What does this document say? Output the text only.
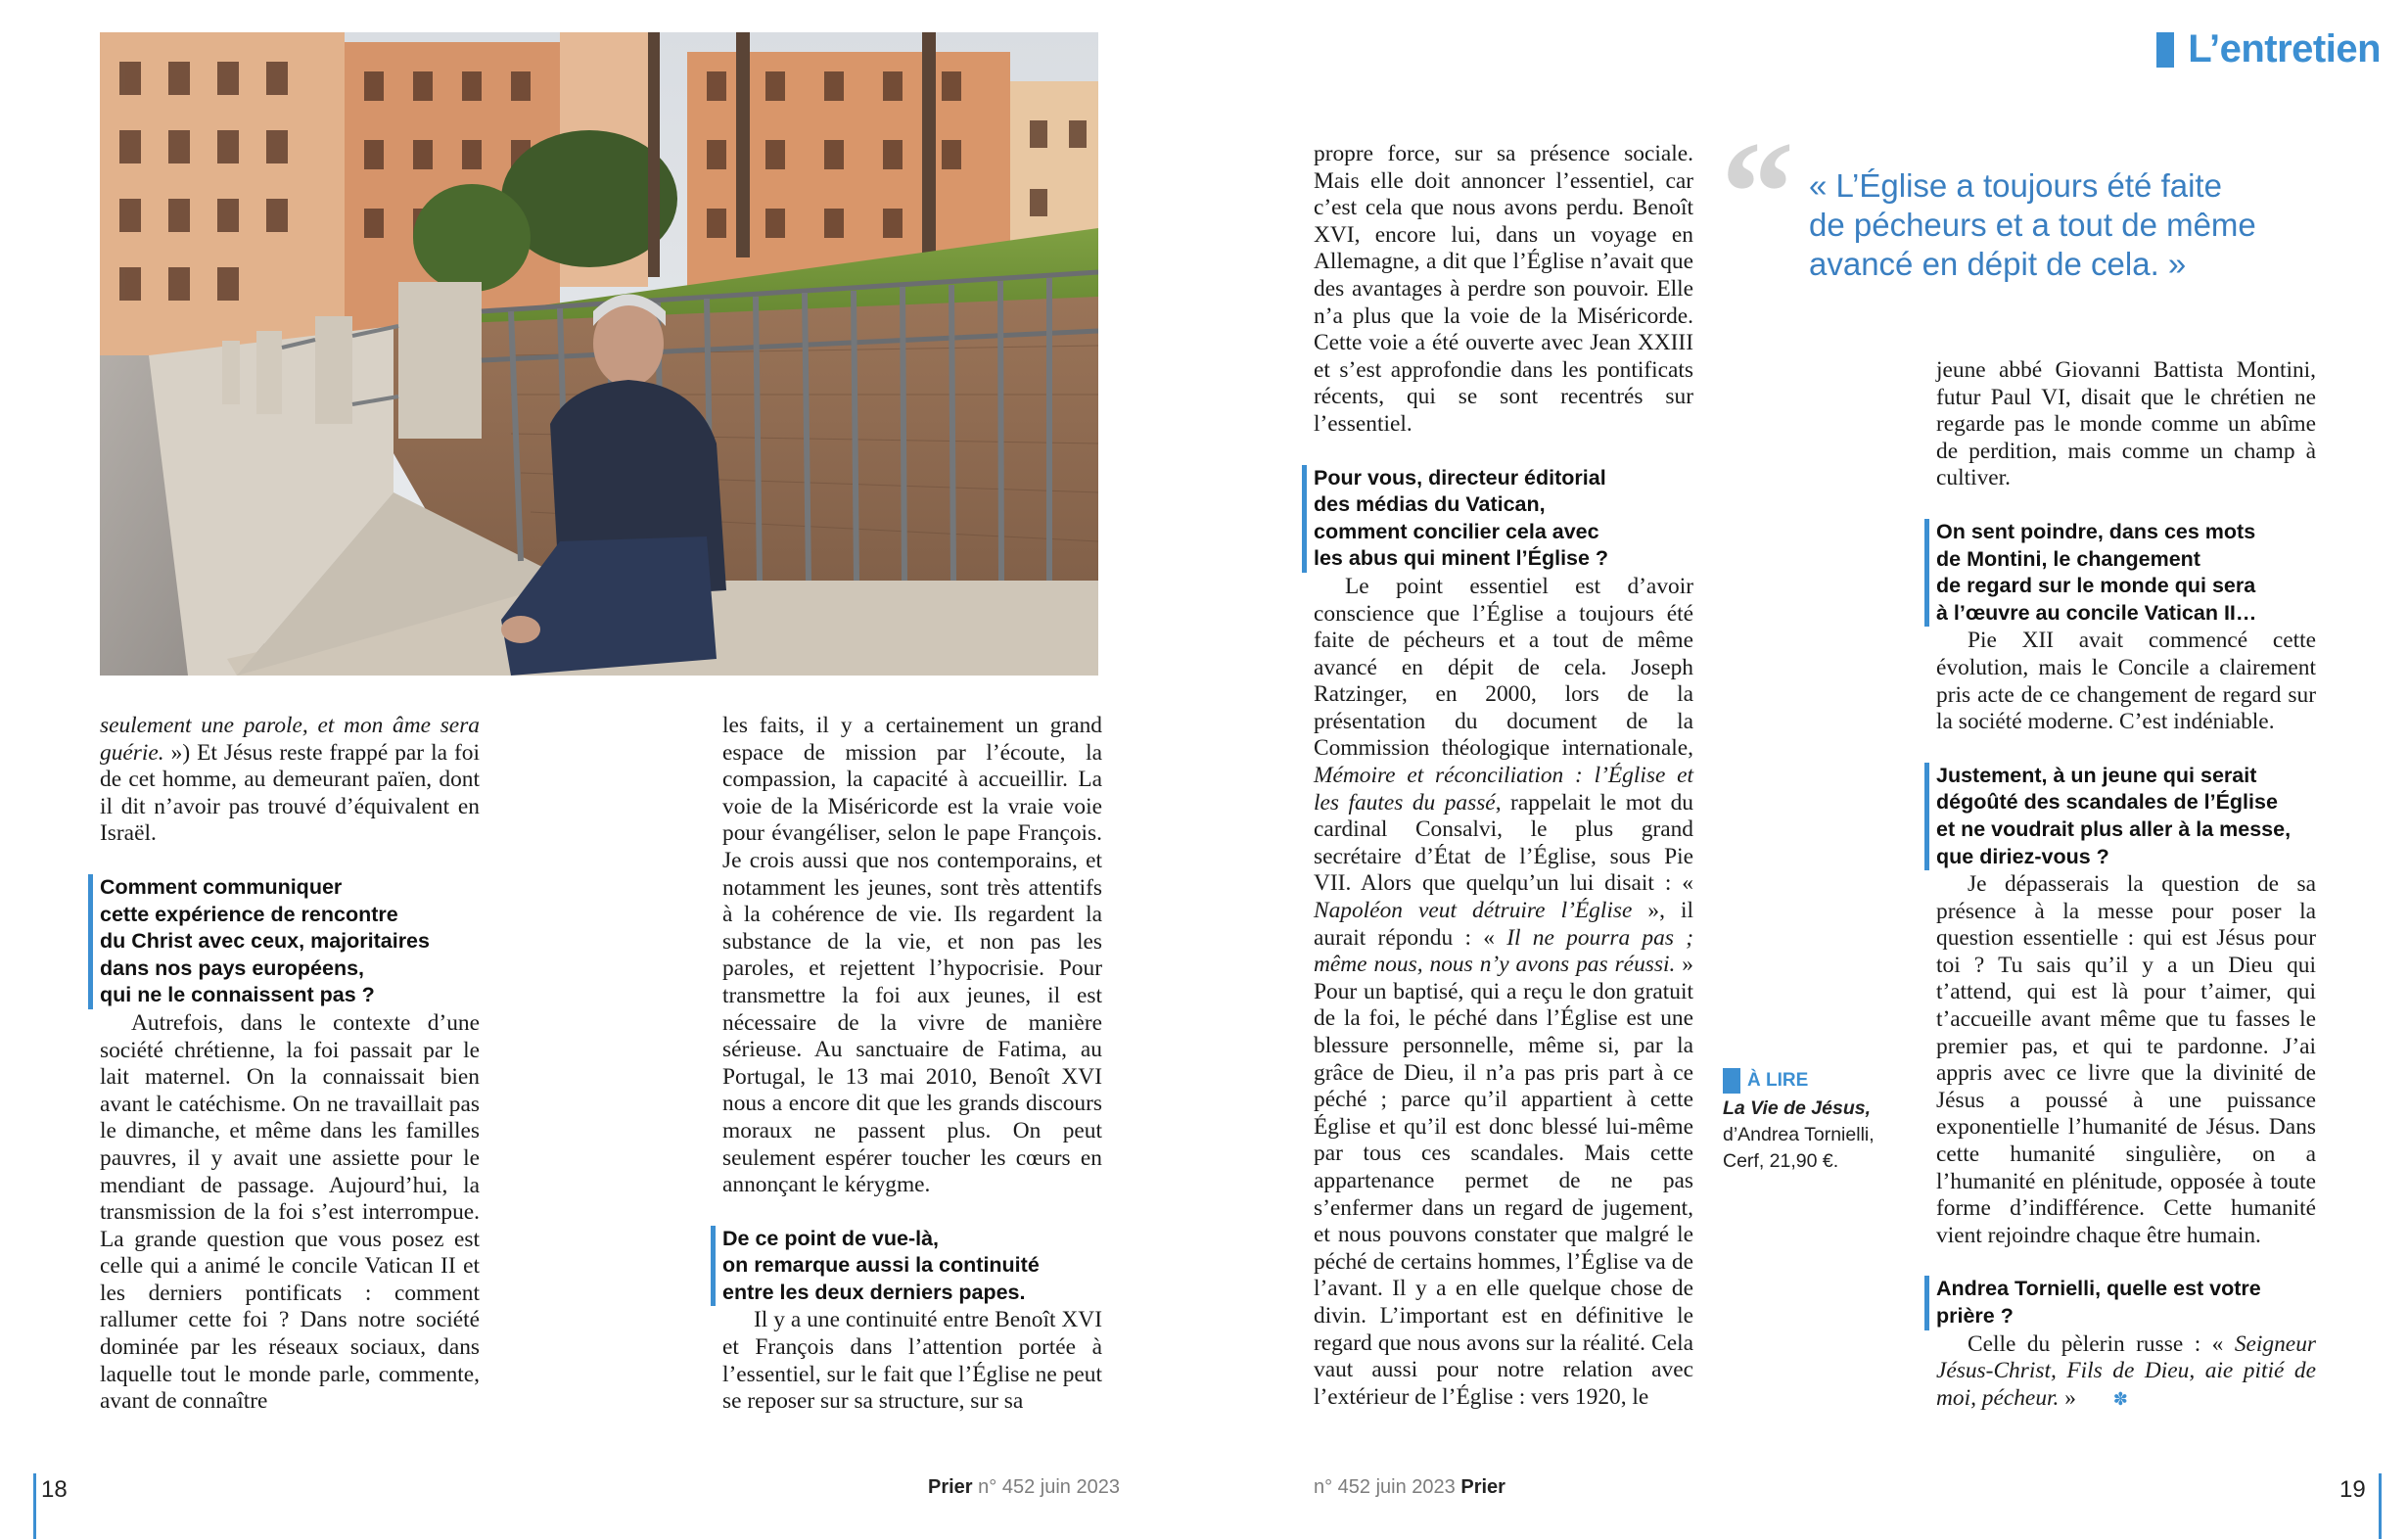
L’entretien
“ « L’Église a toujours été faite
de pécheurs et a tout de même
avancé en dépit de cela. »

seulement une parole, et mon âme sera guérie. ») Et Jésus reste frappé par la foi de cet homme, au demeurant païen, dont il dit n’avoir pas trouvé d’équivalent en Israël.

Comment communiquer
cette expérience de rencontre
du Christ avec ceux, majoritaires
dans nos pays européens,
qui ne le connaissent pas ?

Autrefois, dans le contexte d’une société chrétienne, la foi passait par le lait maternel. On la connaissait bien avant le catéchisme. On ne travaillait pas le dimanche, et même dans les familles pauvres, il y avait une assiette pour le mendiant de passage. Aujourd’hui, la transmission de la foi s’est interrompue. La grande question que vous posez est celle qui a animé le concile Vatican II et les derniers pontificats : comment rallumer cette foi ? Dans notre société dominée par les réseaux sociaux, dans laquelle tout le monde parle, commente, avant de connaître

les faits, il y a certainement un grand espace de mission par l’écoute, la compassion, la capacité à accueillir. La voie de la Miséricorde est la vraie voie pour évangéliser, selon le pape François. Je crois aussi que nos contemporains, et notamment les jeunes, sont très attentifs à la cohérence de vie. Ils regardent la substance de la vie, et non pas les paroles, et rejettent l’hypocrisie. Pour transmettre la foi aux jeunes, il est nécessaire de la vivre de manière sérieuse. Au sanctuaire de Fatima, au Portugal, le 13 mai 2010, Benoît XVI nous a encore dit que les grands discours moraux ne passent plus. On peut seulement espérer toucher les cœurs en annonçant le kérygme.

De ce point de vue-là,
on remarque aussi la continuité
entre les deux derniers papes.

Il y a une continuité entre Benoît XVI et François dans l’attention portée à l’essentiel, sur le fait que l’Église ne peut se reposer sur sa structure, sur sa

propre force, sur sa présence sociale. Mais elle doit annoncer l’essentiel, car c’est cela que nous avons perdu. Benoît XVI, encore lui, dans un voyage en Allemagne, a dit que l’Église n’avait que des avantages à perdre son pouvoir. Elle n’a plus que la voie de la Miséricorde. Cette voie a été ouverte avec Jean XXIII et s’est approfondie dans les pontificats récents, qui se sont recentrés sur l’essentiel.

Pour vous, directeur éditorial
des médias du Vatican,
comment concilier cela avec
les abus qui minent l’Église ?

Le point essentiel est d’avoir conscience que l’Église a toujours été faite de pécheurs et a tout de même avancé en dépit de cela. Joseph Ratzinger, en 2000, lors de la présentation du document de la Commission théologique internationale, Mémoire et réconciliation : l’Église et les fautes du passé, rappelait le mot du cardinal Consalvi, le plus grand secrétaire d’État de l’Église, sous Pie VII. Alors que quelqu’un lui disait : « Napoléon veut détruire l’Église », il aurait répondu : « Il ne pourra pas ; même nous, nous n’y avons pas réussi. » Pour un baptisé, qui a reçu le don gratuit de la foi, le péché dans l’Église est une blessure personnelle, même si, par la grâce de Dieu, il n’a pas pris part à ce péché ; parce qu’il appartient à cette Église et qu’il est donc blessé lui-même par tous ces scandales. Mais cette appartenance permet de ne pas s’enfermer dans un regard de jugement, et nous pouvons constater que malgré le péché de certains hommes, l’Église va de l’avant. Il y a en elle quelque chose de divin. L’important est en définitive le regard que nous avons sur la réalité. Cela vaut aussi pour notre relation avec l’extérieur de l’Église : vers 1920, le

À LIRE
La Vie de Jésus,
d’Andrea Tornielli,
Cerf, 21,90 €.

jeune abbé Giovanni Battista Montini, futur Paul VI, disait que le chrétien ne regarde pas le monde comme un abîme de perdition, mais comme un champ à cultiver.

On sent poindre, dans ces mots
de Montini, le changement
de regard sur le monde qui sera
à l’œuvre au concile Vatican II…

Pie XII avait commencé cette évolution, mais le Concile a clairement pris acte de ce changement de regard sur la société moderne. C’est indéniable.

Justement, à un jeune qui serait
dégoûté des scandales de l’Église
et ne voudrait plus aller à la messe,
que diriez-vous ?

Je dépasserais la question de sa présence à la messe pour poser la question essentielle : qui est Jésus pour toi ? Tu sais qu’il y a un Dieu qui t’attend, qui est là pour t’aimer, qui t’accueille avant même que tu fasses le premier pas, et qui te pardonne. J’ai appris avec ce livre que la divinité de Jésus a poussé à une puissance exponentielle l’humanité de Jésus. Dans cette humanité singulière, on a l’humanité en plénitude, opposée à toute forme d’indifférence. Cette humanité vient rejoindre chaque être humain.

Andrea Tornielli, quelle est votre
prière ?

Celle du pèlerin russe : « Seigneur Jésus-Christ, Fils de Dieu, aie pitié de moi, pécheur. » ✽

18	Prier n° 452 juin 2023	n° 452 juin 2023 Prier	19
